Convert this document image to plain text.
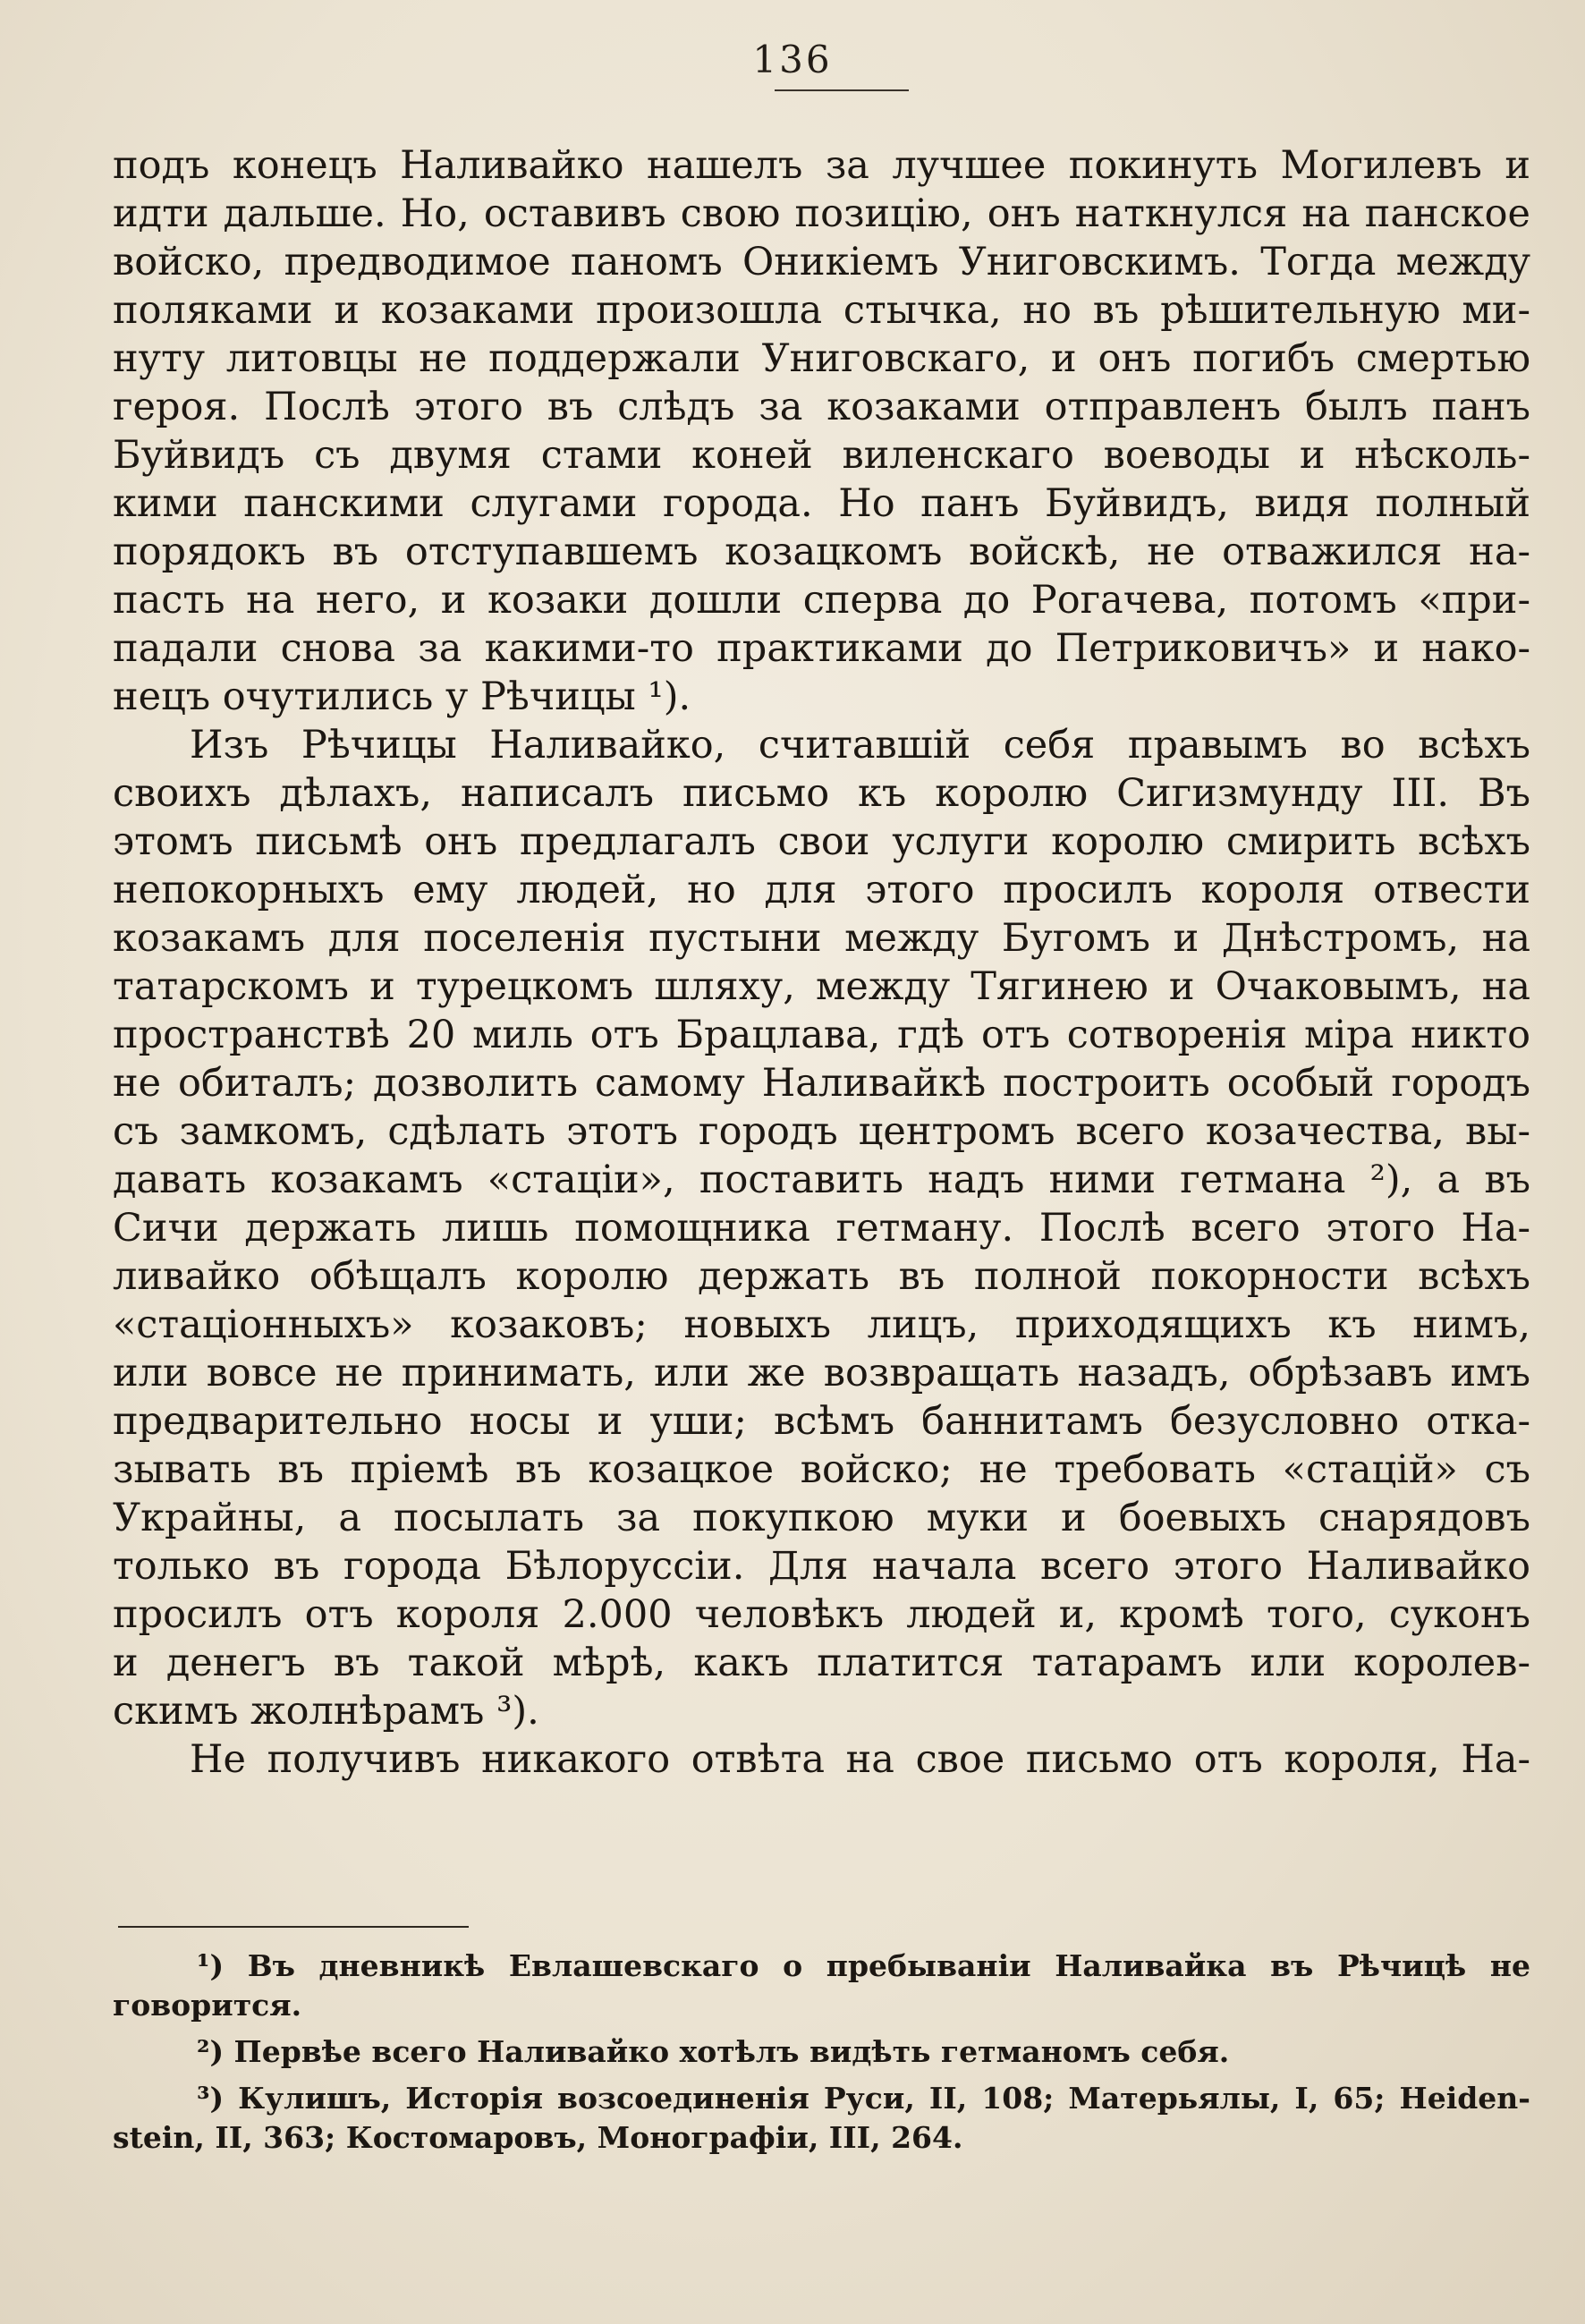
136
подъ конецъ Наливайко нашелъ за лучшее покинуть Могилевъ и
идти дальше. Но, оставивъ свою позицію, онъ наткнулся на панское
войско, предводимое паномъ Оникіемъ Униговскимъ. Тогда между
поляками и козаками произошла стычка, но въ рѣшительную ми-
нуту литовцы не поддержали Униговскаго, и онъ погибъ смертью
героя. Послѣ этого въ слѣдъ за козаками отправленъ былъ панъ
Буйвидъ съ двумя стами коней виленскаго воеводы и нѣсколь-
кими панскими слугами города. Но панъ Буйвидъ, видя полный
порядокъ въ отступавшемъ козацкомъ войскѣ, не отважился на-
пасть на него, и козаки дошли сперва до Рогачева, потомъ «при-
падали снова за какими-то практиками до Петриковичъ» и нако-
нецъ очутились у Рѣчицы ¹).
Изъ Рѣчицы Наливайко, считавшій себя правымъ во всѣхъ
своихъ дѣлахъ, написалъ письмо къ королю Сигизмунду III. Въ
этомъ письмѣ онъ предлагалъ свои услуги королю смирить всѣхъ
непокорныхъ ему людей, но для этого просилъ короля отвести
козакамъ для поселенія пустыни между Бугомъ и Днѣстромъ, на
татарскомъ и турецкомъ шляху, между Тягинею и Очаковымъ, на
пространствѣ 20 миль отъ Брацлава, гдѣ отъ сотворенія міра никто
не обиталъ; дозволить самому Наливайкѣ построить особый городъ
съ замкомъ, сдѣлать этотъ городъ центромъ всего козачества, вы-
давать козакамъ «стаціи», поставить надъ ними гетмана ²), а въ
Сичи держать лишь помощника гетману. Послѣ всего этого На-
ливайко обѣщалъ королю держать въ полной покорности всѣхъ
«стаціонныхъ» козаковъ; новыхъ лицъ, приходящихъ къ нимъ,
или вовсе не принимать, или же возвращать назадъ, обрѣзавъ имъ
предварительно носы и уши; всѣмъ баннитамъ безусловно отка-
зывать въ пріемѣ въ козацкое войско; не требовать «стацій» съ
Украйны, а посылать за покупкою муки и боевыхъ снарядовъ
только въ города Бѣлоруссіи. Для начала всего этого Наливайко
просилъ отъ короля 2.000 человѣкъ людей и, кромѣ того, суконъ
и денегъ въ такой мѣрѣ, какъ платится татарамъ или королев-
скимъ жолнѣрамъ ³).
Не получивъ никакого отвѣта на свое письмо отъ короля, На-
¹) Въ дневникѣ Евлашевскаго о пребываніи Наливайка въ Рѣчицѣ не
говорится.
²) Первѣе всего Наливайко хотѣлъ видѣть гетманомъ себя.
³) Кулишъ, Исторія возсоединенія Руси, II, 108; Матерьялы, I, 65; Heiden-
stein, II, 363; Костомаровъ, Монографіи, III, 264.
